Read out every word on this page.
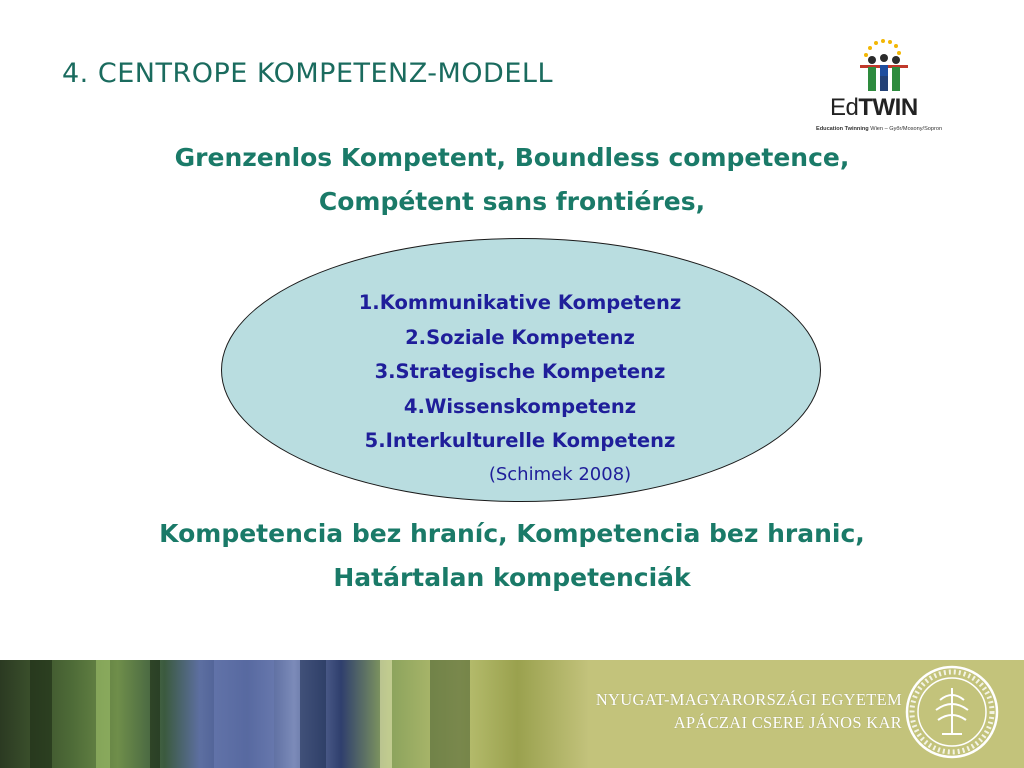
4. CENTROPE KOMPETENZ-MODELL
EdTWIN
Education Twinning Wien – Győr/Mosony/Sopron
Grenzenlos Kompetent, Boundless competence,
Compétent sans frontiéres,
1.Kommunikative Kompetenz
2.Soziale Kompetenz
3.Strategische Kompetenz
4.Wissenskompetenz
5.Interkulturelle Kompetenz
(Schimek 2008)
Kompetencia bez hraníc, Kompetencia bez hranic,
Határtalan kompetenciák
NYUGAT-MAGYARORSZÁGI EGYETEM
APÁCZAI CSERE JÁNOS KAR
